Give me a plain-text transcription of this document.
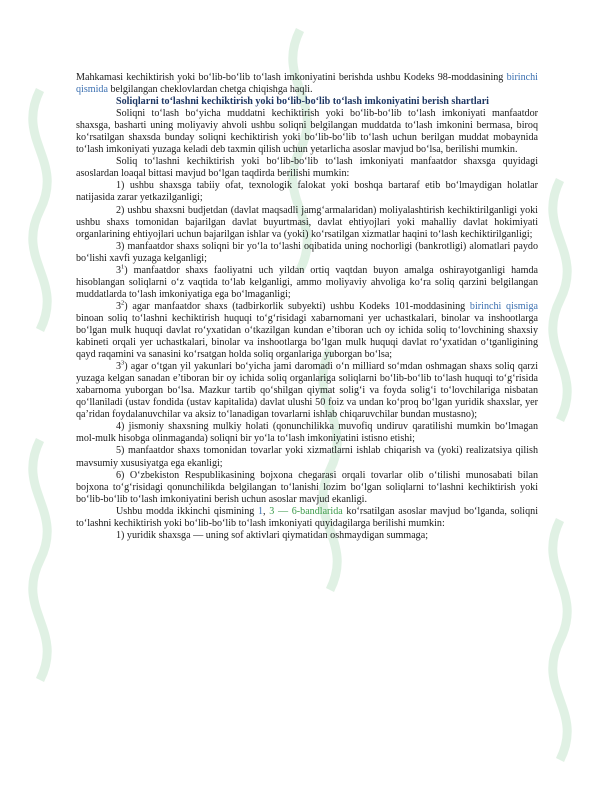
Mahkamasi kechiktirish yoki bo‘lib-bo‘lib to‘lash imkoniyatini berishda ushbu Kodeks 98-moddasining birinchi qismida belgilangan cheklovlardan chetga chiqishga haqli.

Soliqlarni to‘lashni kechiktirish yoki bo‘lib-bo‘lib to‘lash imkoniyatini berish shartlari

Soliqni to‘lash bo‘yicha muddatni kechiktirish yoki bo‘lib-bo‘lib to‘lash imkoniyati manfaatdor shaxsga, basharti uning moliyaviy ahvoli ushbu soliqni belgilangan muddatda to‘lash imkonini bermasa, biroq ko‘rsatilgan shaxsda bunday soliqni kechiktirish yoki bo‘lib-bo‘lib to‘lash uchun berilgan muddat mobaynida to‘lash imkoniyati yuzaga keladi deb taxmin qilish uchun yetarlicha asoslar mavjud bo‘lsa, berilishi mumkin.

Soliq to‘lashni kechiktirish yoki bo‘lib-bo‘lib to‘lash imkoniyati manfaatdor shaxsga quyidagi asoslardan loaqal bittasi mavjud bo‘lgan taqdirda berilishi mumkin:

1) ushbu shaxsga tabiiy ofat, texnologik falokat yoki boshqa bartaraf etib bo‘lmaydigan holatlar natijasida zarar yetkazilganligi;

2) ushbu shaxsni budjetdan (davlat maqsadli jamg‘armalaridan) moliyalashtirish kechiktirilganligi yoki ushbu shaxs tomonidan bajarilgan davlat buyurtmasi, davlat ehtiyojlari yoki mahalliy davlat hokimiyati organlarining ehtiyojlari uchun bajarilgan ishlar va (yoki) ko‘rsatilgan xizmatlar haqini to‘lash kechiktirilganligi;

3) manfaatdor shaxs soliqni bir yo‘la to‘lashi oqibatida uning nochorligi (bankrotligi) alomatlari paydo bo‘lishi xavfi yuzaga kelganligi;

$3^1$) manfaatdor shaxs faoliyatni uch yildan ortiq vaqtdan buyon amalga oshirayotganligi hamda hisoblangan soliqlarni o‘z vaqtida to‘lab kelganligi, ammo moliyaviy ahvoliga ko‘ra soliq qarzini belgilangan muddatlarda to‘lash imkoniyatiga ega bo‘lmaganligi;

$3^2$) agar manfaatdor shaxs (tadbirkorlik subyekti) ushbu Kodeks 101-moddasining birinchi qismiga binoan soliq to‘lashni kechiktirish huquqi to‘g‘risidagi xabarnomani yer uchastkalari, binolar va inshootlarga bo‘lgan mulk huquqi davlat ro‘yxatidan o‘tkazilgan kundan e’tiboran uch oy ichida soliq to‘lovchining shaxsiy kabineti orqali yer uchastkalari, binolar va inshootlarga bo‘lgan mulk huquqi davlat ro‘yxatidan o‘tganligining qayd raqamini va sanasini ko‘rsatgan holda soliq organlariga yuborgan bo‘lsa;

$3^3$) agar o‘tgan yil yakunlari bo‘yicha jami daromadi o‘n milliard so‘mdan oshmagan shaxs soliq qarzi yuzaga kelgan sanadan e’tiboran bir oy ichida soliq organlariga soliqlarni bo‘lib-bo‘lib to‘lash huquqi to‘g‘risida xabarnoma yuborgan bo‘lsa. Mazkur tartib qo‘shilgan qiymat solig‘i va foyda solig‘i to‘lovchilariga nisbatan qo‘llaniladi (ustav fondida (ustav kapitalida) davlat ulushi 50 foiz va undan ko‘proq bo‘lgan yuridik shaxslar, yer qa’ridan foydalanuvchilar va aksiz to‘lanadigan tovarlarni ishlab chiqaruvchilar bundan mustasno);

4) jismoniy shaxsning mulkiy holati (qonunchilikka muvofiq undiruv qaratilishi mumkin bo‘lmagan mol-mulk hisobga olinmaganda) soliqni bir yo‘la to‘lash imkoniyatini istisno etishi;

5) manfaatdor shaxs tomonidan tovarlar yoki xizmatlarni ishlab chiqarish va (yoki) realizatsiya qilish mavsumiy xususiyatga ega ekanligi;

6) O‘zbekiston Respublikasining bojxona chegarasi orqali tovarlar olib o‘tilishi munosabati bilan bojxona to‘g‘risidagi qonunchilikda belgilangan to‘lanishi lozim bo‘lgan soliqlarni to‘lashni kechiktirish yoki bo‘lib-bo‘lib to‘lash imkoniyatini berish uchun asoslar mavjud ekanligi.

Ushbu modda ikkinchi qismining 1, 3 — 6-bandlarida ko‘rsatilgan asoslar mavjud bo‘lganda, soliqni to‘lashni kechiktirish yoki bo‘lib-bo‘lib to‘lash imkoniyati quyidagilarga berilishi mumkin:

1) yuridik shaxsga — uning sof aktivlari qiymatidan oshmaydigan summaga;
